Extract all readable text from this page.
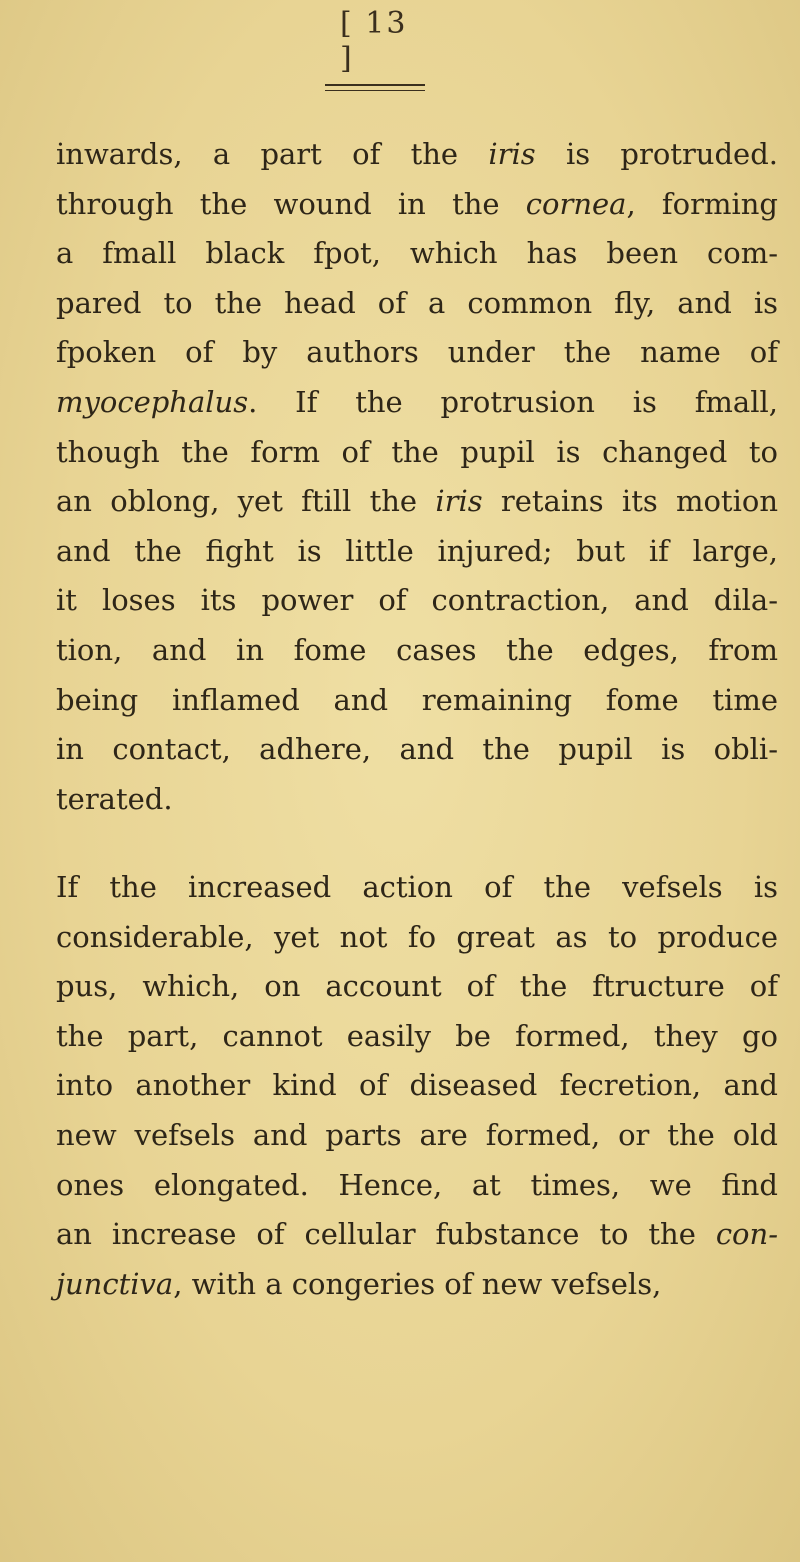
[ 13 ]
inwards, a part of the iris is protruded.
through the wound in the cornea, forming
a fmall black fpot, which has been com-
pared to the head of a common fly, and is
fpoken of by authors under the name of
myocephalus. If the protrusion is fmall,
though the form of the pupil is changed to
an oblong, yet ftill the iris retains its motion
and the fight is little injured; but if large,
it loses its power of contraction, and dila-
tion, and in fome cases the edges, from
being inflamed and remaining fome time
in contact, adhere, and the pupil is obli-
terated.
If the increased action of the vefsels is
considerable, yet not fo great as to produce
pus, which, on account of the ftructure of
the part, cannot easily be formed, they go
into another kind of diseased fecretion, and
new vefsels and parts are formed, or the old
ones elongated. Hence, at times, we find
an increase of cellular fubstance to the con-
junctiva, with a congeries of new vefsels,
